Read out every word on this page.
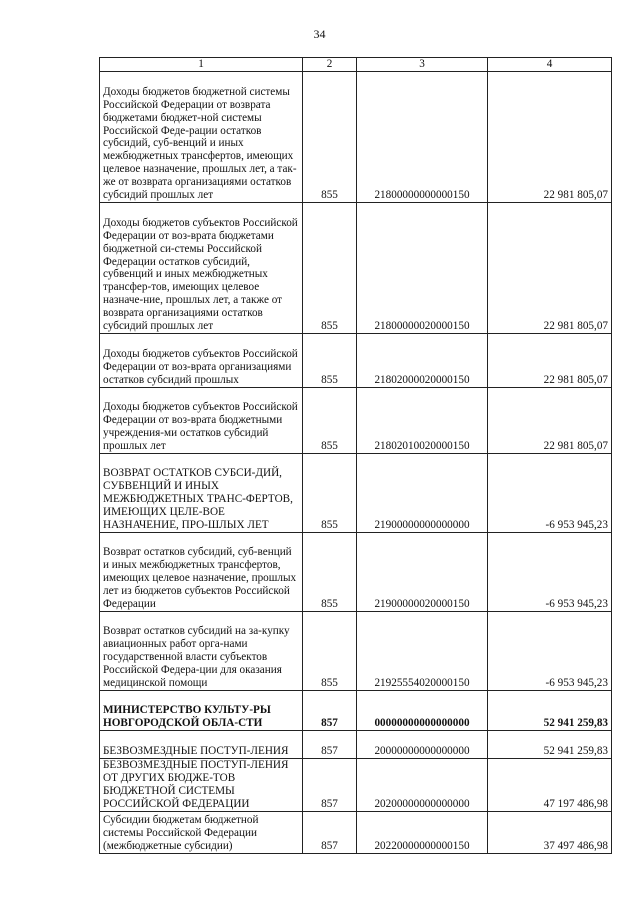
34
1	2	3	4
Доходы бюджетов бюджетной системы Российской Федерации от возврата бюджетами бюджет-ной системы Российской Феде-рации остатков субсидий, суб-венций и иных межбюджетных трансфертов, имеющих целевое назначение, прошлых лет, а так-же от возврата организациями остатков субсидий прошлых лет	855	21800000000000150	22 981 805,07
Доходы бюджетов субъектов Российской Федерации от воз-врата бюджетами бюджетной си-стемы Российской Федерации остатков субсидий, субвенций и иных межбюджетных трансфер-тов, имеющих целевое назначе-ние, прошлых лет, а также от возврата организациями остатков субсидий прошлых лет	855	21800000020000150	22 981 805,07
Доходы бюджетов субъектов Российской Федерации от воз-врата организациями остатков субсидий прошлых	855	21802000020000150	22 981 805,07
Доходы бюджетов субъектов Российской Федерации от воз-врата бюджетными учреждения-ми остатков субсидий прошлых лет	855	21802010020000150	22 981 805,07
ВОЗВРАТ ОСТАТКОВ СУБСИ-ДИЙ, СУБВЕНЦИЙ И ИНЫХ МЕЖБЮДЖЕТНЫХ ТРАНС-ФЕРТОВ, ИМЕЮЩИХ ЦЕЛЕ-ВОЕ НАЗНАЧЕНИЕ, ПРО-ШЛЫХ ЛЕТ	855	21900000000000000	-6 953 945,23
Возврат остатков субсидий, суб-венций и иных межбюджетных трансфертов, имеющих целевое назначение, прошлых лет из бюджетов субъектов Российской Федерации	855	21900000020000150	-6 953 945,23
Возврат остатков субсидий на за-купку авиационных работ орга-нами государственной власти субъектов Российской Федера-ции для оказания медицинской помощи	855	21925554020000150	-6 953 945,23
МИНИСТЕРСТВО КУЛЬТУ-РЫ НОВГОРОДСКОЙ ОБЛА-СТИ	857	00000000000000000	52 941 259,83
БЕЗВОЗМЕЗДНЫЕ ПОСТУП-ЛЕНИЯ	857	20000000000000000	52 941 259,83
БЕЗВОЗМЕЗДНЫЕ ПОСТУП-ЛЕНИЯ ОТ ДРУГИХ БЮДЖЕ-ТОВ БЮДЖЕТНОЙ СИСТЕМЫ РОССИЙСКОЙ ФЕДЕРАЦИИ	857	20200000000000000	47 197 486,98
Субсидии бюджетам бюджетной системы Российской Федерации (межбюджетные субсидии)	857	20220000000000150	37 497 486,98
